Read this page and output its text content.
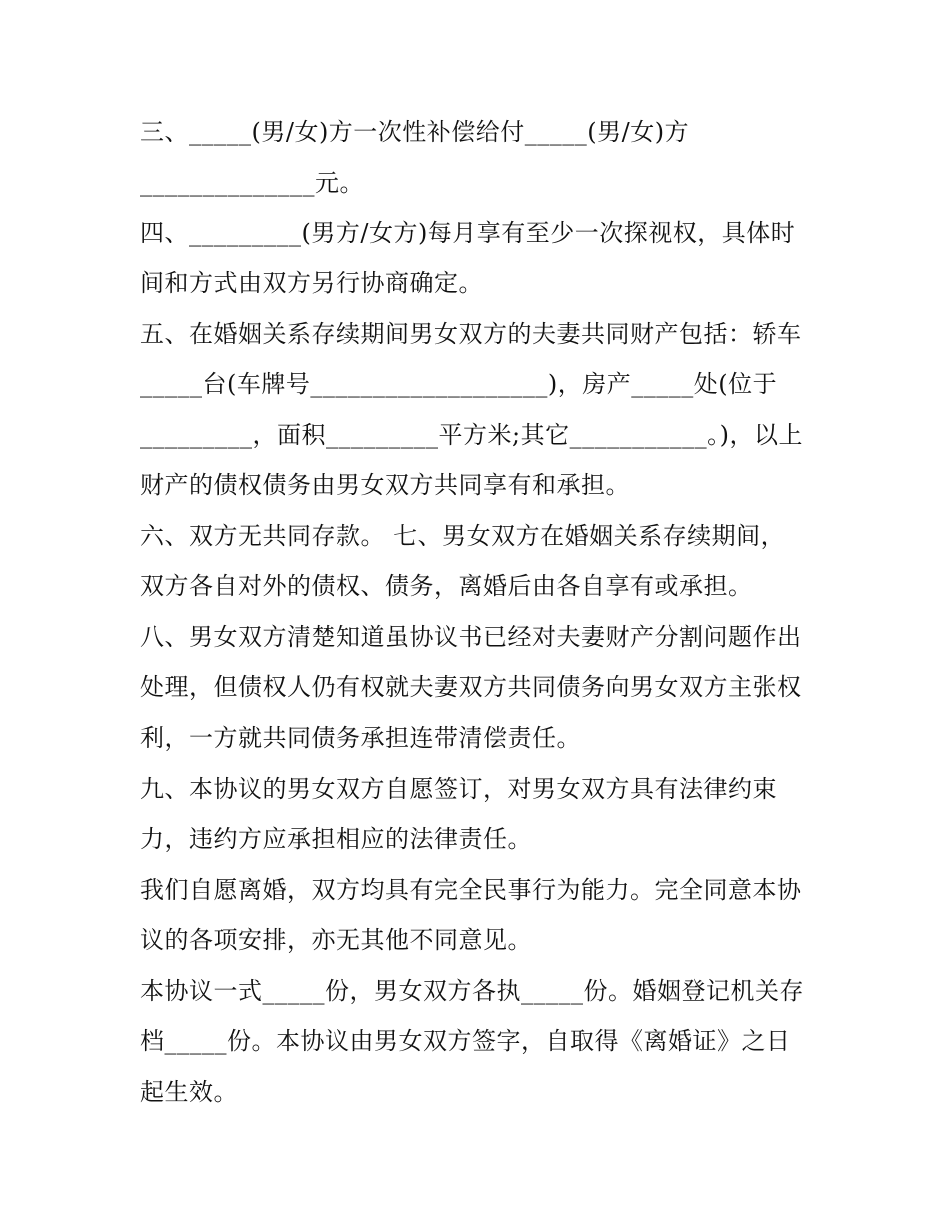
三、_____(男/女)方一次性补偿给付_____(男/女)方
______________元。
四、_________(男方/女方)每月享有至少一次探视权，具体时
间和方式由双方另行协商确定。
五、在婚姻关系存续期间男女双方的夫妻共同财产包括：轿车
_____台(车牌号___________________)，房产_____处(位于
_________，面积_________平方米;其它___________。)，以上
财产的债权债务由男女双方共同享有和承担。
六、双方无共同存款。 七、男女双方在婚姻关系存续期间，
双方各自对外的债权、债务，离婚后由各自享有或承担。
八、男女双方清楚知道虽协议书已经对夫妻财产分割问题作出
处理，但债权人仍有权就夫妻双方共同债务向男女双方主张权
利，一方就共同债务承担连带清偿责任。
九、本协议的男女双方自愿签订，对男女双方具有法律约束
力，违约方应承担相应的法律责任。
我们自愿离婚，双方均具有完全民事行为能力。完全同意本协
议的各项安排，亦无其他不同意见。
本协议一式_____份，男女双方各执_____份。婚姻登记机关存
档_____份。本协议由男女双方签字，自取得《离婚证》之日
起生效。
